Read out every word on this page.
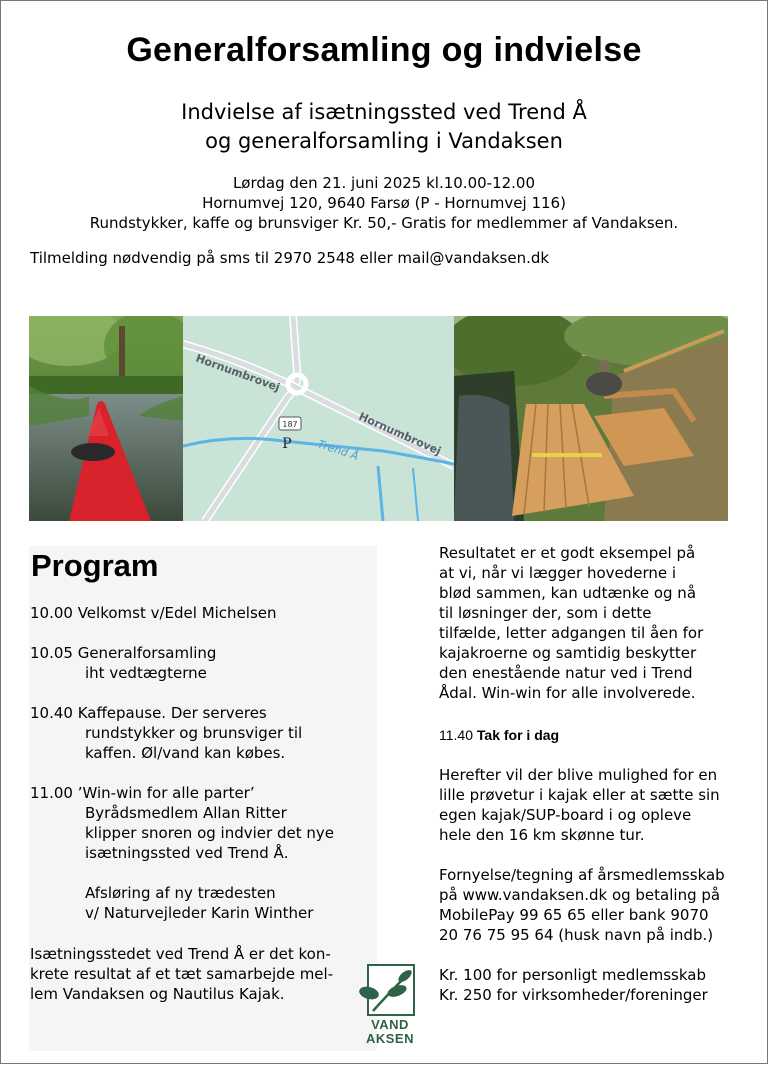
Generalforsamling og indvielse
Indvielse af isætningssted ved Trend Å
og generalforsamling i Vandaksen
Lørdag den 21. juni 2025 kl.10.00-12.00
Hornumvej 120, 9640 Farsø (P - Hornumvej 116)
Rundstykker, kaffe og brunsviger Kr. 50,- Gratis for medlemmer af Vandaksen.
Tilmelding nødvendig på sms til 2970 2548 eller mail@vandaksen.dk
187
P
Hornumbrovej
Hornumbrovej
Trend Å
Program
10.00 Velkomst v/Edel Michelsen
10.05 Generalforsamling
iht vedtægterne
10.40 Kaffepause. Der serveres
rundstykker og brunsviger til
kaffen. Øl/vand kan købes.
11.00 ’Win-win for alle parter’
Byrådsmedlem Allan Ritter
klipper snoren og indvier det nye
isætningssted ved Trend Å.
Afsløring af ny trædesten
v/ Naturvejleder Karin Winther
Isætningsstedet ved Trend Å er det kon-
krete resultat af et tæt samarbejde mel-
lem Vandaksen og Nautilus Kajak.
VAND
AKSEN
Resultatet er et godt eksempel på
at vi, når vi lægger hovederne i
blød sammen, kan udtænke og nå
til løsninger der, som i dette
tilfælde, letter adgangen til åen for
kajakroerne og samtidig beskytter
den enestående natur ved i Trend
Ådal. Win-win for alle involverede.
11.40 Tak for i dag
Herefter vil der blive mulighed for en
lille prøvetur i kajak eller at sætte sin
egen kajak/SUP-board i og opleve
hele den 16 km skønne tur.
Fornyelse/tegning af årsmedlemsskab
på www.vandaksen.dk og betaling på
MobilePay 99 65 65 eller bank 9070
20 76 75 95 64 (husk navn på indb.)
Kr. 100 for personligt medlemsskab
Kr. 250 for virksomheder/foreninger
